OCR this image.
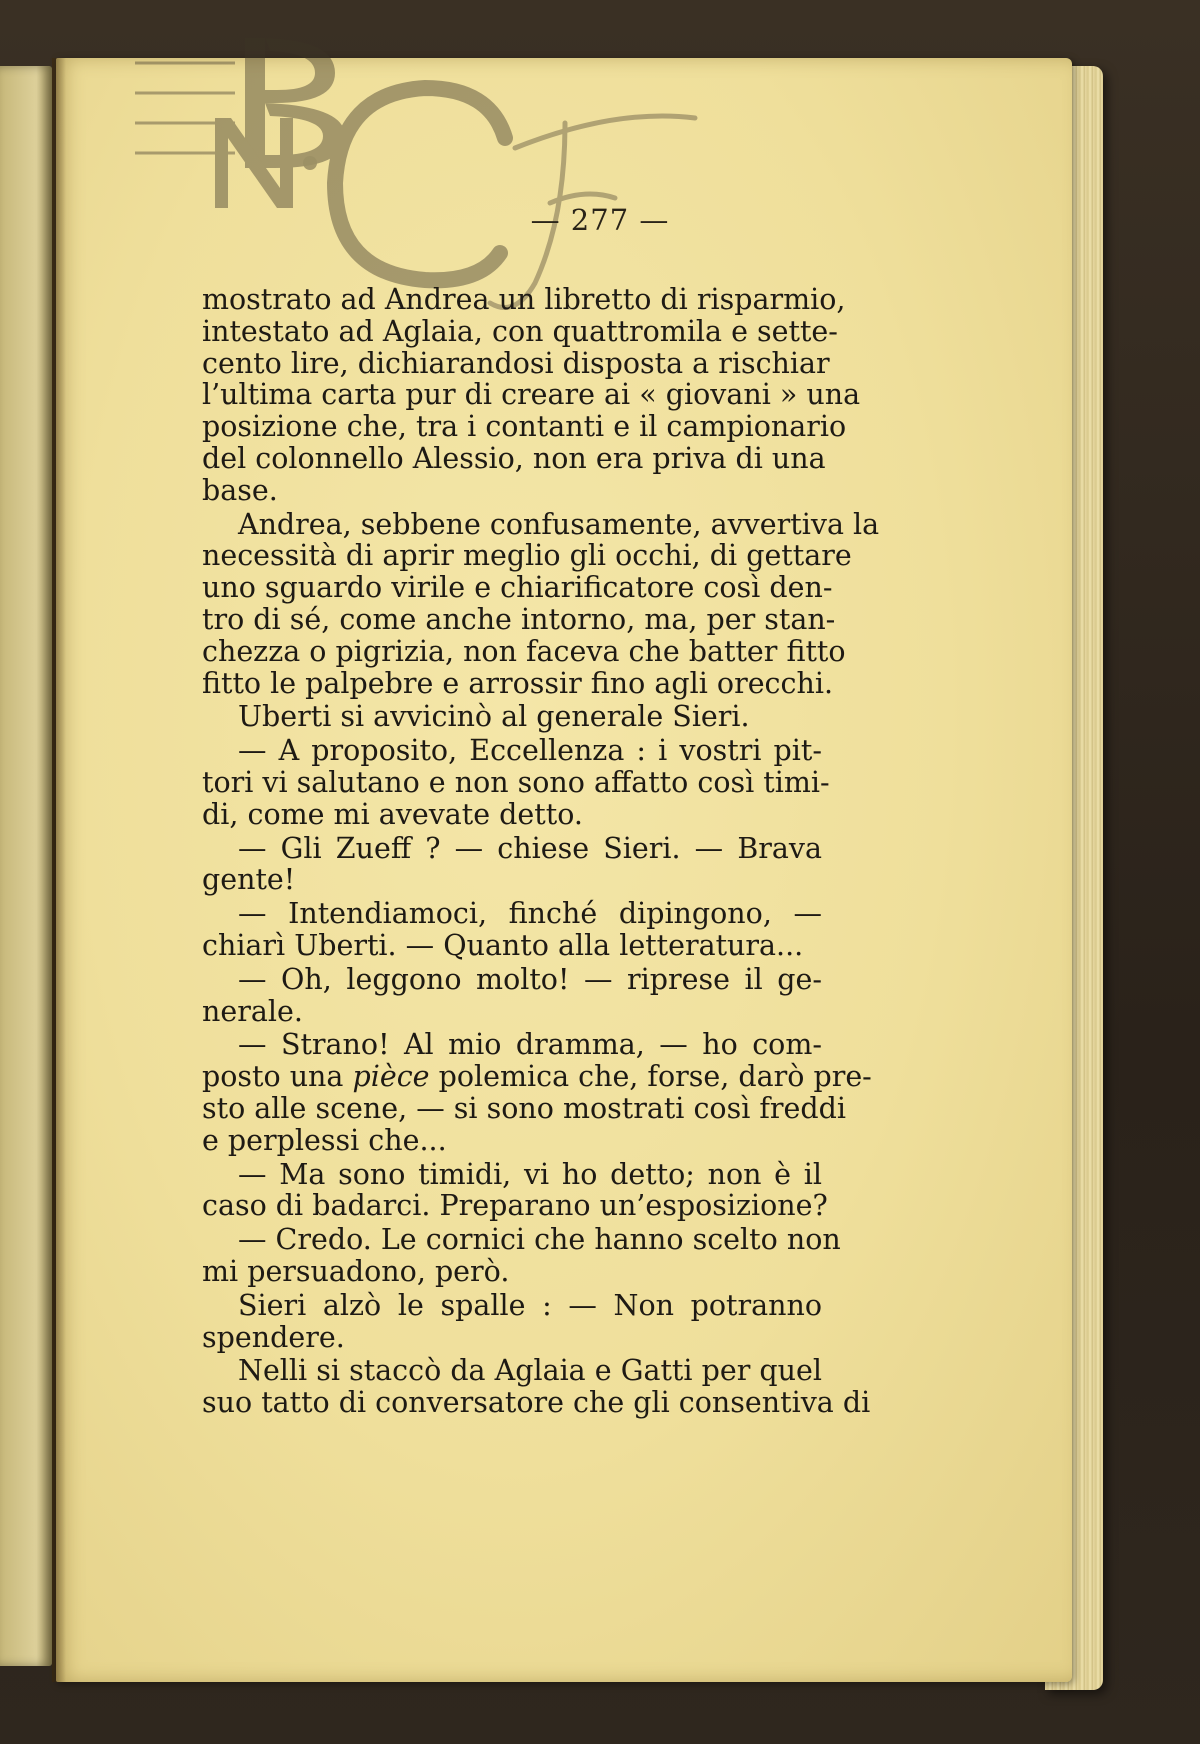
— 277 —
mostrato ad Andrea un libretto di risparmio,
intestato ad Aglaia, con quattromila e sette-
cento lire, dichiarandosi disposta a rischiar
l’ultima carta pur di creare ai « giovani » una
posizione che, tra i contanti e il campionario
del colonnello Alessio, non era priva di una
base.
Andrea, sebbene confusamente, avvertiva la
necessità di aprir meglio gli occhi, di gettare
uno sguardo virile e chiarificatore così den-
tro di sé, come anche intorno, ma, per stan-
chezza o pigrizia, non faceva che batter fitto
fitto le palpebre e arrossir fino agli orecchi.
Uberti si avvicinò al generale Sieri.
— A proposito, Eccellenza : i vostri pit-
tori vi salutano e non sono affatto così timi-
di, come mi avevate detto.
— Gli Zueff ? — chiese Sieri. — Brava
gente!
— Intendiamoci, finché dipingono, —
chiarì Uberti. — Quanto alla letteratura...
— Oh, leggono molto! — riprese il ge-
nerale.
— Strano! Al mio dramma, — ho com-
posto una pièce polemica che, forse, darò pre-
sto alle scene, — si sono mostrati così freddi
e perplessi che...
— Ma sono timidi, vi ho detto; non è il
caso di badarci. Preparano un’esposizione?
— Credo. Le cornici che hanno scelto non
mi persuadono, però.
Sieri alzò le spalle : — Non potranno
spendere.
Nelli si staccò da Aglaia e Gatti per quel
suo tatto di conversatore che gli consentiva di
